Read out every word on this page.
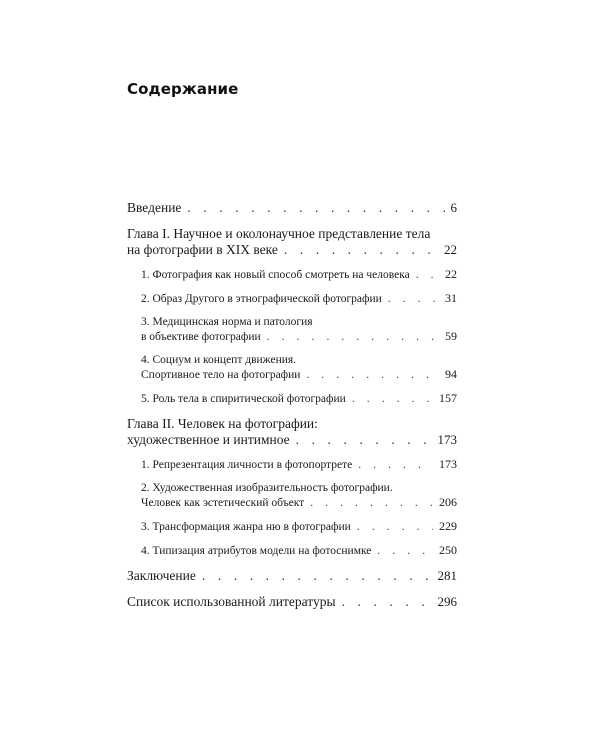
Содержание
Введение . . .	6
Глава I. Научное и околонаучное представление тела
на фотографии в XIX веке . . .	22
1. Фотография как новый способ смотреть на человека . . .	22
2. Образ Другого в этнографической фотографии . . .	31
3. Медицинская норма и патология
в объективе фотографии . . .	59
4. Социум и концепт движения.
Спортивное тело на фотографии . . .	94
5. Роль тела в спиритической фотографии . . .	157
Глава II. Человек на фотографии:
художественное и интимное . . .	173
1. Репрезентация личности в фотопортрете . . .	173
2. Художественная изобразительность фотографии.
Человек как эстетический объект . . .	206
3. Трансформация жанра ню в фотографии . . .	229
4. Типизация атрибутов модели на фотоснимке . . .	250
Заключение . . .	281
Список использованной литературы . . .	296
